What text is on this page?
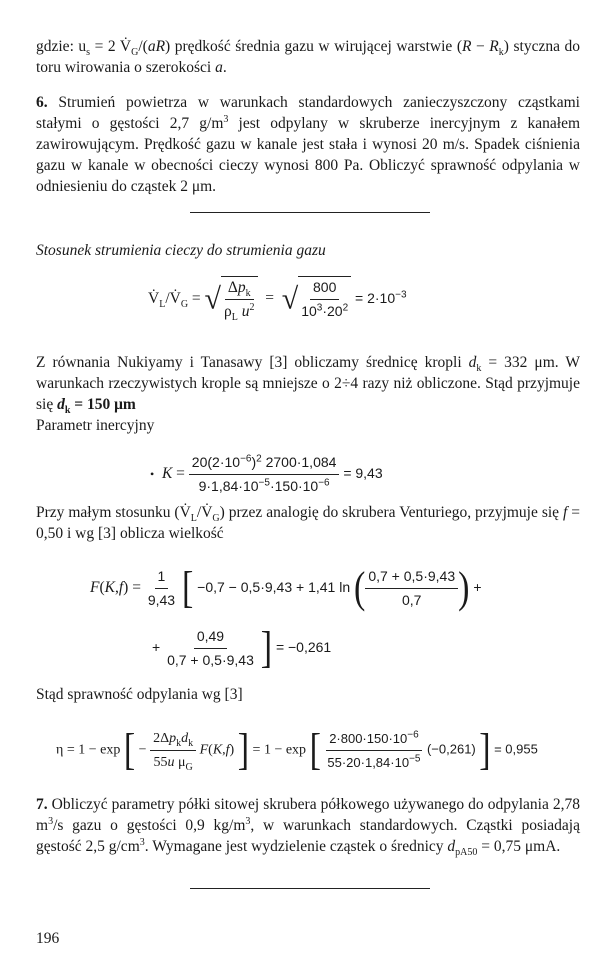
gdzie: $u_s = 2$ $V̇_G/(aR)$ prędkość średnia gazu w wirującej warstwie $(R - R_k)$ styczna do toru wirowania o szerokości a.

6. Strumień powietrza w warunkach standardowych zanieczyszczony cząstkami stałymi o gęstości 2,7 $g/m^3$ jest odpylany w skruberze inercyjnym z kanałem zawirowującym. Prędkość gazu w kanale jest stała i wynosi 20 m/s. Spadek ciśnienia gazu w kanale w obecności cieczy wynosi 800 Pa. Obliczyć sprawność odpylania w odniesieniu do cząstek 2 μm.

Stosunek strumienia cieczy do strumienia gazu

$V̇_L/V̇_G$ = √ $\frac{\Delta p_k}{\rho_L u^2}$ =  √ $\frac{800}{10^3\cdot 20^2} = 2\cdot 10^{-3}$

Z równania Nukiyamy i Tanasawy [3] obliczamy średnicę kropli $d_k = 332$ μm. W warunkach rzeczywistych krople są mniejsze o 2÷4 razy niż obliczone. Stąd przyjmuje się $d_k = 150$ μm

Parametr inercyjny

• $K = \frac{20(2\cdot 10^{-6})^2 2700\cdot 1,084}{9\cdot 1,84\cdot 10^{-5}\cdot 150\cdot 10^{-6}} = 9,43$

Przy małym stosunku $(V̇_L/V̇_G)$ przez analogię do skrubera Venturiego, przyjmuje się f = 0,50 i wg [3] oblicza wielkość

$F(K,f) = \frac{1}{9,43}$ [ −0,7 − 0,5·9,43 + 1,41 ln ( $\frac{0,7 + 0,5\cdot 9,43}{0,7}$ ) +
+ $\frac{0,49}{0,7 + 0,5\cdot 9,43}$ ] = −0,261

Stąd sprawność odpylania wg [3]

η = 1 − exp [ − $\frac{2\Delta p_kd_k}{55u \mu_G} F(K,f)$ ] = 1 − exp [ $\frac{2\cdot 800\cdot 150\cdot 10^{-6}}{55\cdot 20\cdot 1,84\cdot 10^{-5}} (-0,261)$ ] = 0,955

7. Obliczyć parametry półki sitowej skrubera półkowego używanego do odpylania 2,78 $m^3/s$ gazu o gęstości 0,9 $kg/m^3$, w warunkach standardowych. Cząstki posiadają gęstość 2,5 $g/cm^3$. Wymagane jest wydzielenie cząstek o średnicy $d_{pA50} = 0,75$ μmA.

196
